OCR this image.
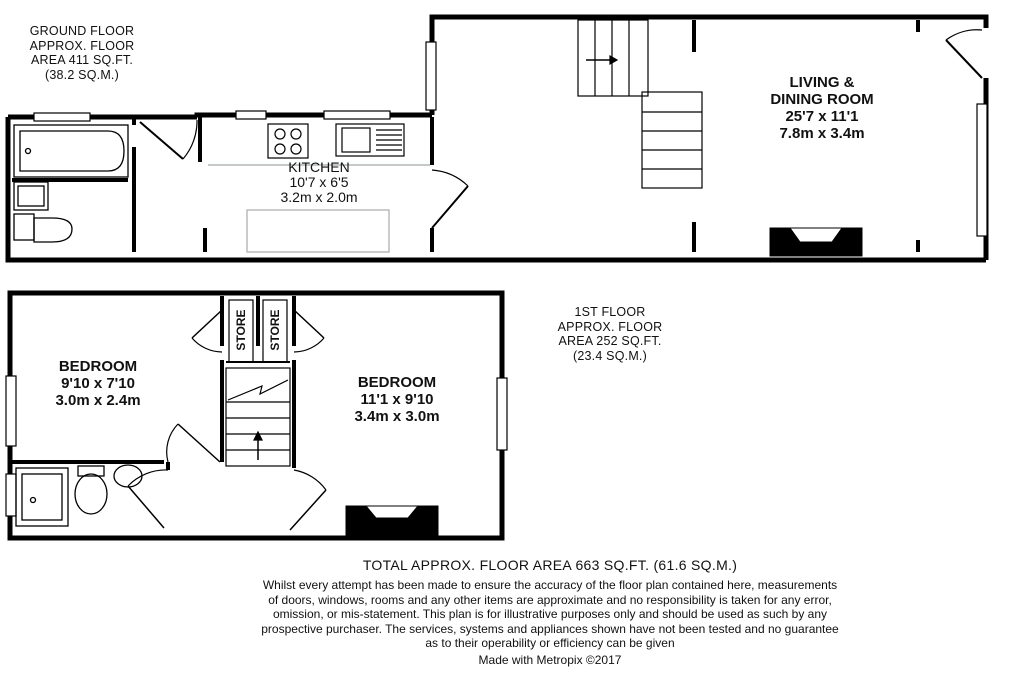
GROUND FLOOR
APPROX. FLOOR
AREA 411 SQ.FT.
(38.2 SQ.M.)
KITCHEN
10'7 x 6'5
3.2m x 2.0m
LIVING &
DINING ROOM
25'7 x 11'1
7.8m x 3.4m
1ST FLOOR
APPROX. FLOOR
AREA 252 SQ.FT.
(23.4 SQ.M.)
BEDROOM
9'10 x 7'10
3.0m x 2.4m
BEDROOM
11'1 x 9'10
3.4m x 3.0m
STORE STORE
TOTAL APPROX. FLOOR AREA 663 SQ.FT. (61.6 SQ.M.)
Whilst every attempt has been made to ensure the accuracy of the floor plan contained here, measurements
of doors, windows, rooms and any other items are approximate and no responsibility is taken for any error,
omission, or mis-statement. This plan is for illustrative purposes only and should be used as such by any
prospective purchaser. The services, systems and appliances shown have not been tested and no guarantee
as to their operability or efficiency can be given
Made with Metropix ©2017
